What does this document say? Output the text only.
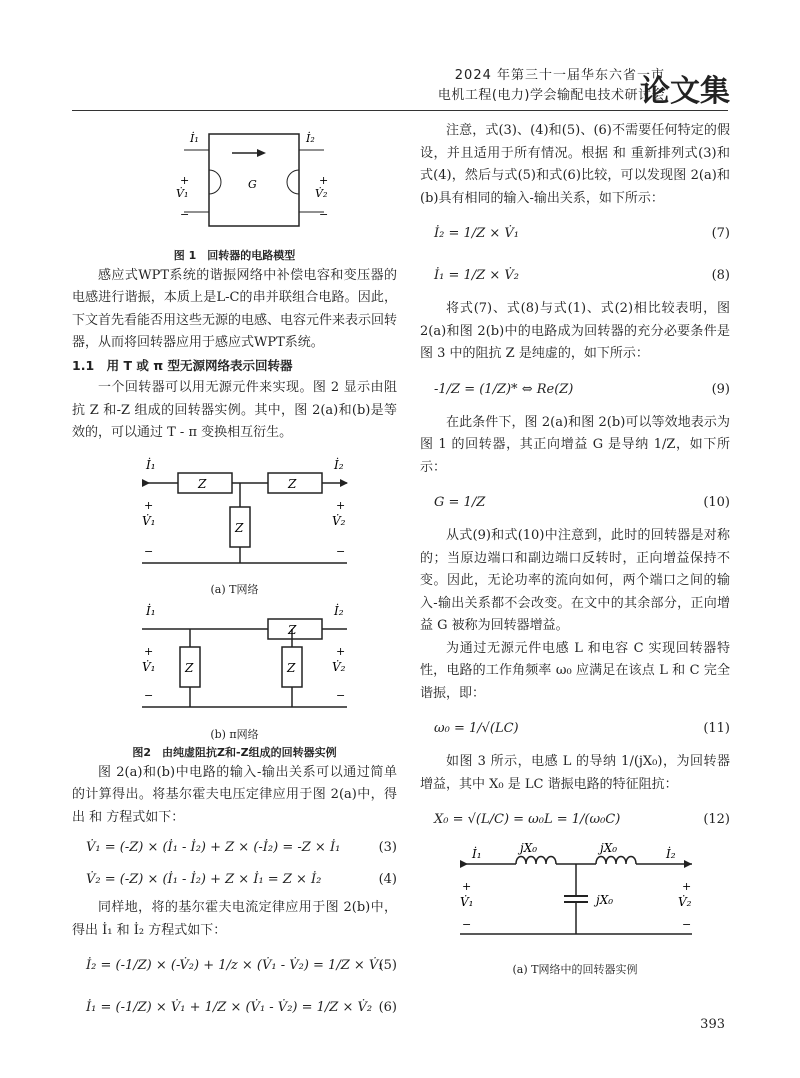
2024 年第三十一届华东六省一市
电机工程(电力)学会输配电技术研讨会
论文集
İ₁	İ₂
+
V̇₁
+
V̇₂
−	−
G
图 1　回转器的电路模型

感应式WPT系统的谐振网络中补偿电容和变压器的电感进行谐振，本质上是L-C的串并联组合电路。因此，下文首先看能否用这些无源的电感、电容元件来表示回转器，从而将回转器应用于感应式WPT系统。

1.1　用 T 或 π 型无源网络表示回转器

一个回转器可以用无源元件来实现。图 2 显示由阻抗 Z 和-Z 组成的回转器实例。其中，图 2(a)和(b)是等效的，可以通过 T - π 变换相互衍生。

Z	Z
Z
İ₁	İ₂
+
V̇₁
+
V̇₂
−	−
(a) T网络
Z
Z	Z
İ₁	İ₂
+
V̇₁
+
V̇₂
−	−
(b) π网络
图2　由纯虚阻抗Z和-Z组成的回转器实例

图 2(a)和(b)中电路的输入-输出关系可以通过简单的计算得出。将基尔霍夫电压定律应用于图 2(a)中，得出 和 方程式如下：

V̇₁ = (-Z) × (İ₁ - İ₂) + Z × (-İ₂) = -Z × İ₁	(3)
V̇₂ = (-Z) × (İ₁ - İ₂) + Z × İ₁ = Z × İ₂	(4)

同样地，将的基尔霍夫电流定律应用于图 2(b)中，得出 İ₁ 和 İ₂ 方程式如下：

İ₂ = (-1/Z) × (-V̇₂) + 1/z × (V̇₁ - V̇₂) = 1/Z × V̇₁
(5)
İ₁ = (-1/Z) × V̇₁ + 1/Z × (V̇₁ - V̇₂) = 1/Z × V̇₂ (6)

注意，式(3)、(4)和(5)、(6)不需要任何特定的假设，并且适用于所有情况。根据 和 重新排列式(3)和式(4)，然后与式(5)和式(6)比较，可以发现图 2(a)和(b)具有相同的输入-输出关系，如下所示：

İ₂ = 1/Z × V̇₁	(7)
İ₁ = 1/Z × V̇₂	(8)

将式(7)、式(8)与式(1)、式(2)相比较表明，图 2(a)和图 2(b)中的电路成为回转器的充分必要条件是图 3 中的阻抗 Z 是纯虚的，如下所示：

-1/Z = (1/Z)* ⇔ Re(Z)	(9)

在此条件下，图 2(a)和图 2(b)可以等效地表示为图 1 的回转器，其正向增益 G 是导纳 1/Z，如下所示：

G = 1/Z	(10)

从式(9)和式(10)中注意到，此时的回转器是对称的；当原边端口和副边端口反转时，正向增益保持不变。因此，无论功率的流向如何，两个端口之间的输入-输出关系都不会改变。在文中的其余部分，正向增益 G 被称为回转器增益。

为通过无源元件电感 L 和电容 C 实现回转器特性，电路的工作角频率 ω₀ 应满足在该点 L 和 C 完全谐振，即：

ω₀ = 1/√(LC)	(11)

如图 3 所示，电感 L 的导纳 1/(jX₀)，为回转器增益，其中 X₀ 是 LC 谐振电路的特征阻抗：

X₀ = √(L/C) = ω₀L = 1/(ω₀C)	(12)
jX₀	jX₀
jX₀
İ₁	İ₂
+
V̇₁
+
V̇₂
−	−
(a) T网络中的回转器实例
393
